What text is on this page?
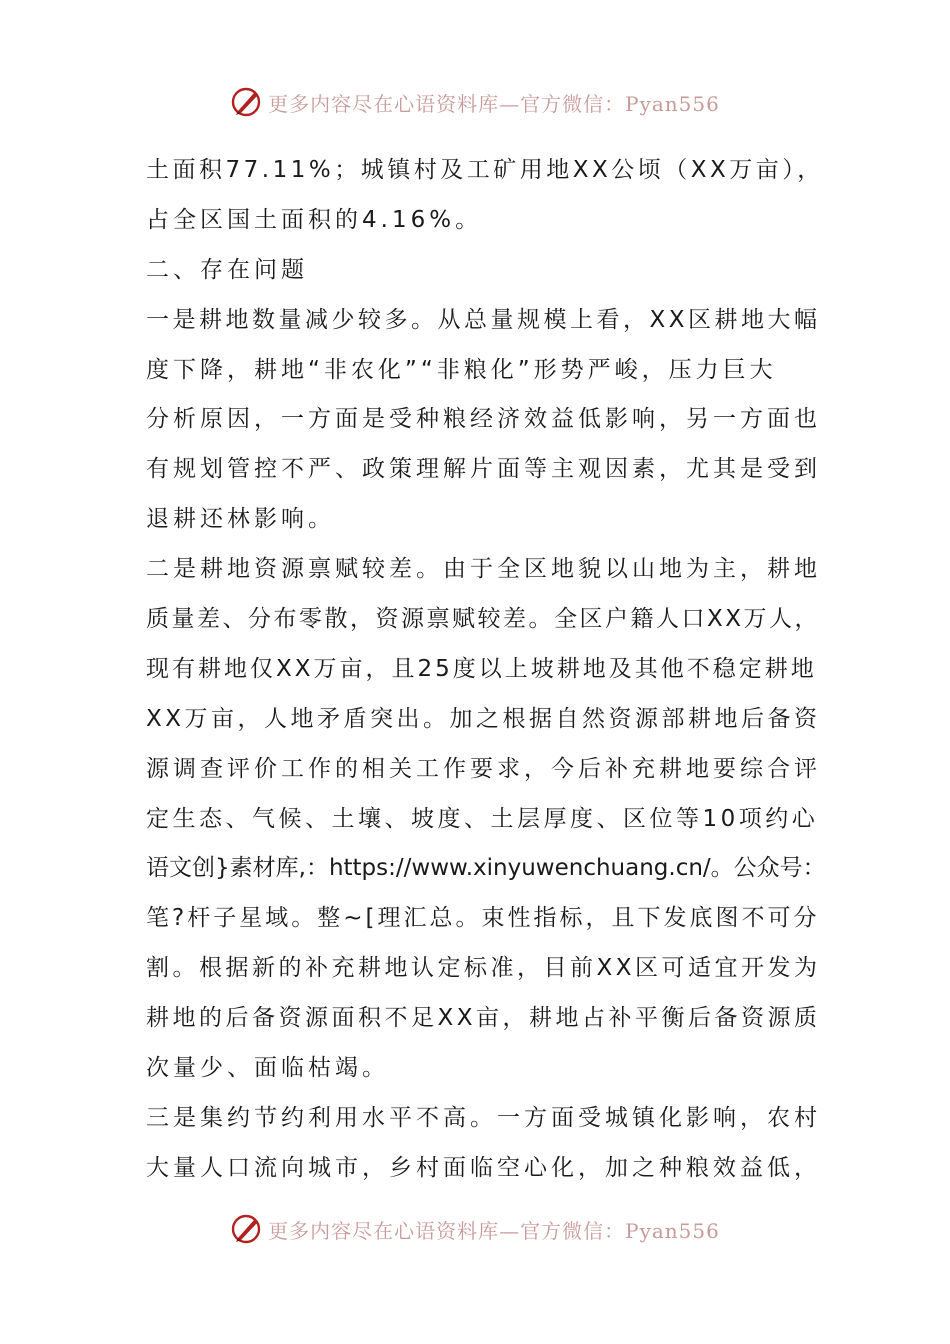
更多内容尽在心语资料库—官方微信：Pyan556
土面积77.11%；城镇村及工矿用地XX公顷（XX万亩），
占全区国土面积的4.16%。
二、存在问题
一是耕地数量减少较多。从总量规模上看，XX区耕地大幅
度下降，耕地“非农化”“非粮化”形势严峻，压力巨大
分析原因，一方面是受种粮经济效益低影响，另一方面也
有规划管控不严、政策理解片面等主观因素，尤其是受到
退耕还林影响。
二是耕地资源禀赋较差。由于全区地貌以山地为主，耕地
质量差、分布零散，资源禀赋较差。全区户籍人口XX万人，
现有耕地仅XX万亩，且25度以上坡耕地及其他不稳定耕地
XX万亩，人地矛盾突出。加之根据自然资源部耕地后备资
源调查评价工作的相关工作要求，今后补充耕地要综合评
定生态、气候、土壤、坡度、土层厚度、区位等10项约心
语文创}素材库,：https://www.xinyuwenchuang.cn/。公众号：
笔?杆子星域。整~[理汇总。束性指标，且下发底图不可分
割。根据新的补充耕地认定标准，目前XX区可适宜开发为
耕地的后备资源面积不足XX亩，耕地占补平衡后备资源质
次量少、面临枯竭。
三是集约节约利用水平不高。一方面受城镇化影响，农村
大量人口流向城市，乡村面临空心化，加之种粮效益低，
更多内容尽在心语资料库—官方微信：Pyan556
